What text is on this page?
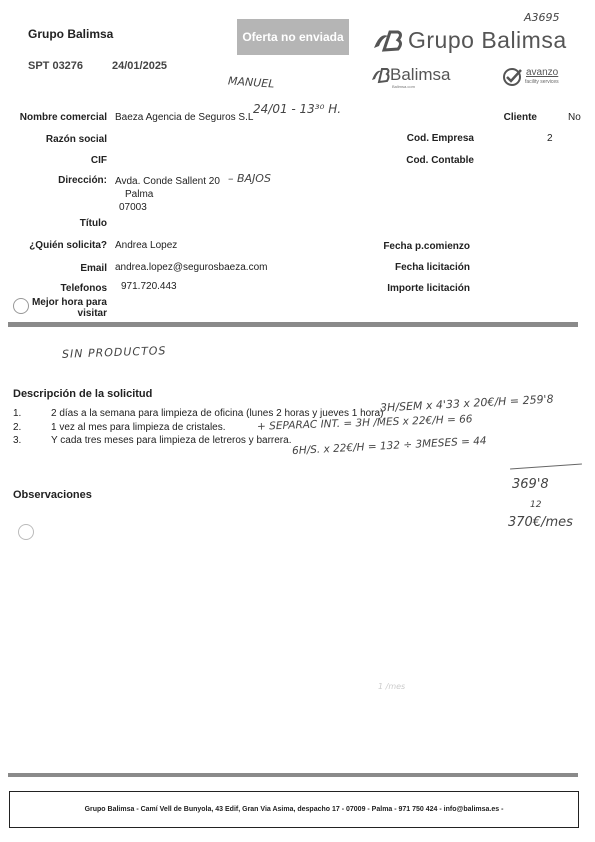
Grupo Balimsa
SPT 03276	24/01/2025
Oferta no enviada	Grupo Balimsa
A3695
Balimsa
Balimsa.com
avanzo
facility services
MANUEL
24/01 - 13³⁰ H.
Nombre comercial Baeza Agencia de Seguros S.L
Razón social
CIF
Dirección: Avda. Conde Sallent 20 – BAJOS
Palma
07003
Título
¿Quién solicita? Andrea Lopez
Email andrea.lopez@segurosbaeza.com
Telefonos 971.720.443
Mejor hora para
visitar
Cliente	No
Cod. Empresa	2
Cod. Contable
Fecha p.comienzo
Fecha licitación
Importe licitación
SIN PRODUCTOS
Descripción de la solicitud
1.	2 días a la semana para limpieza de oficina (lunes 2 horas y jueves 1 hora)
2.	1 vez al mes para limpieza de cristales.
3.	Y cada tres meses para limpieza de letreros y barrera.
3H/SEM x 4'33 x 20€/H = 259'8
+ SEPARAC INT. = 3H /MES x 22€/H = 66
6H/S. x 22€/H = 132 ÷ 3MESES = 44
369'8
12
370€/mes
Observaciones
1 /mes
Grupo Balimsa - Camí Vell de Bunyola, 43 Edif, Gran Via Asima, despacho 17 - 07009 - Palma - 971 750 424 - info@balimsa.es -
